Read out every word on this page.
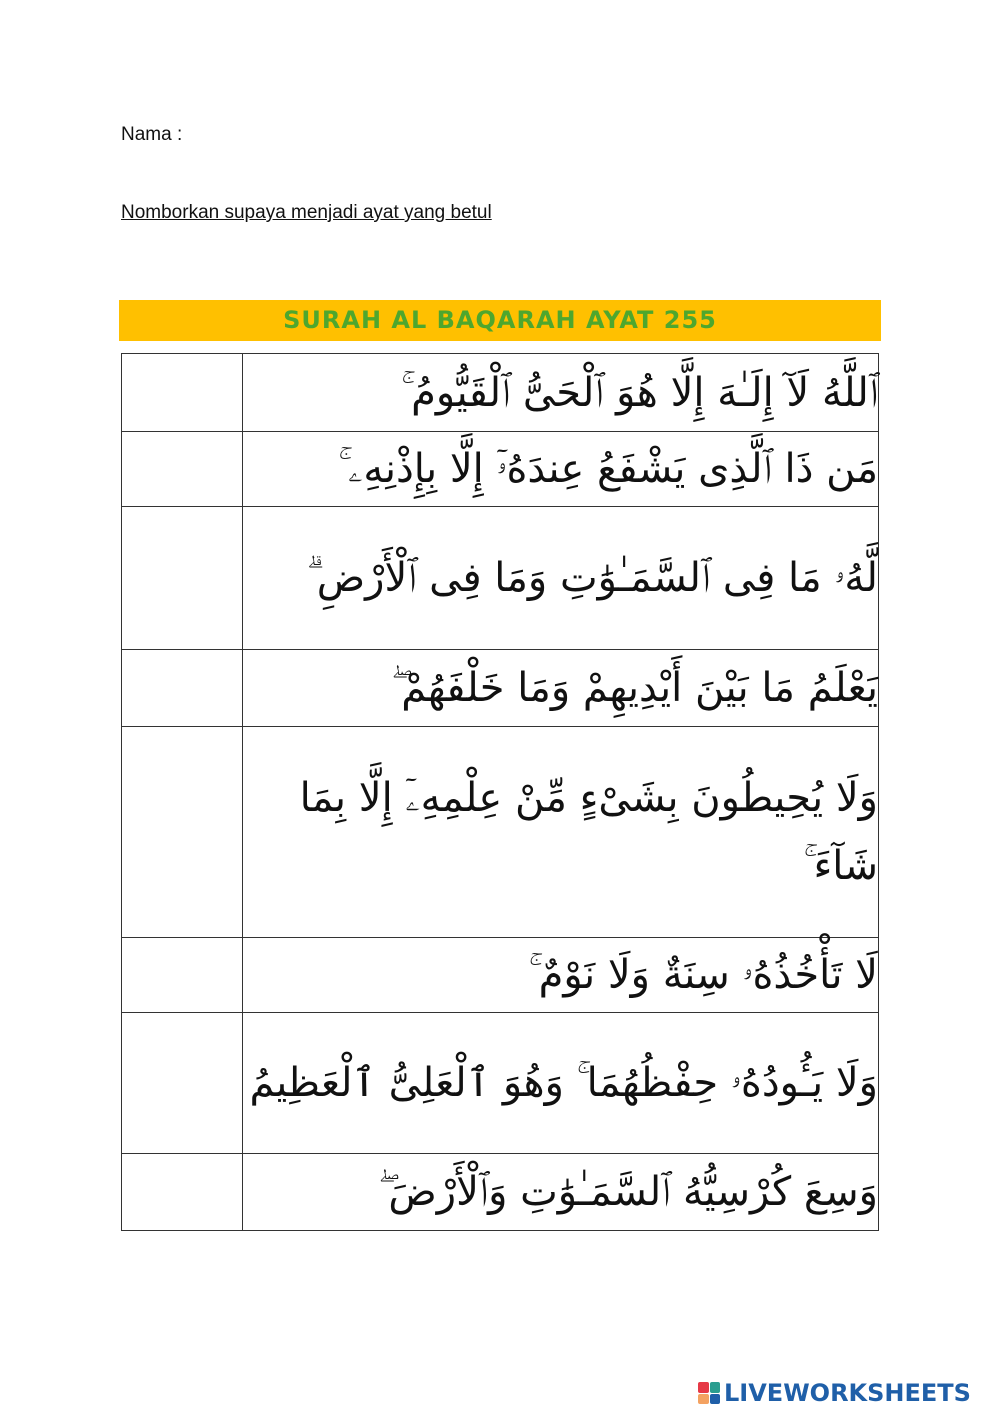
Nama :
Nomborkan supaya menjadi ayat yang betul
SURAH AL BAQARAH AYAT 255
	ٱللَّهُ لَآ إِلَـٰهَ إِلَّا هُوَ ٱلْحَىُّ ٱلْقَيُّومُ ۚ
	مَن ذَا ٱلَّذِى يَشْفَعُ عِندَهُۥٓ إِلَّا بِإِذْنِهِۦ ۚ
	لَّهُۥ مَا فِى ٱلسَّمَـٰوَٰتِ وَمَا فِى ٱلْأَرْضِ ۗ
	يَعْلَمُ مَا بَيْنَ أَيْدِيهِمْ وَمَا خَلْفَهُمْ ۖ
	وَلَا يُحِيطُونَ بِشَىْءٍ مِّنْ عِلْمِهِۦٓ إِلَّا بِمَا شَآءَ ۚ
	لَا تَأْخُذُهُۥ سِنَةٌ وَلَا نَوْمٌ ۚ
	وَلَا يَـُٔودُهُۥ حِفْظُهُمَا ۚ وَهُوَ ٱلْعَلِىُّ ٱلْعَظِيمُ
	وَسِعَ كُرْسِيُّهُ ٱلسَّمَـٰوَٰتِ وَٱلْأَرْضَ ۖ
LIVEWORKSHEETS
